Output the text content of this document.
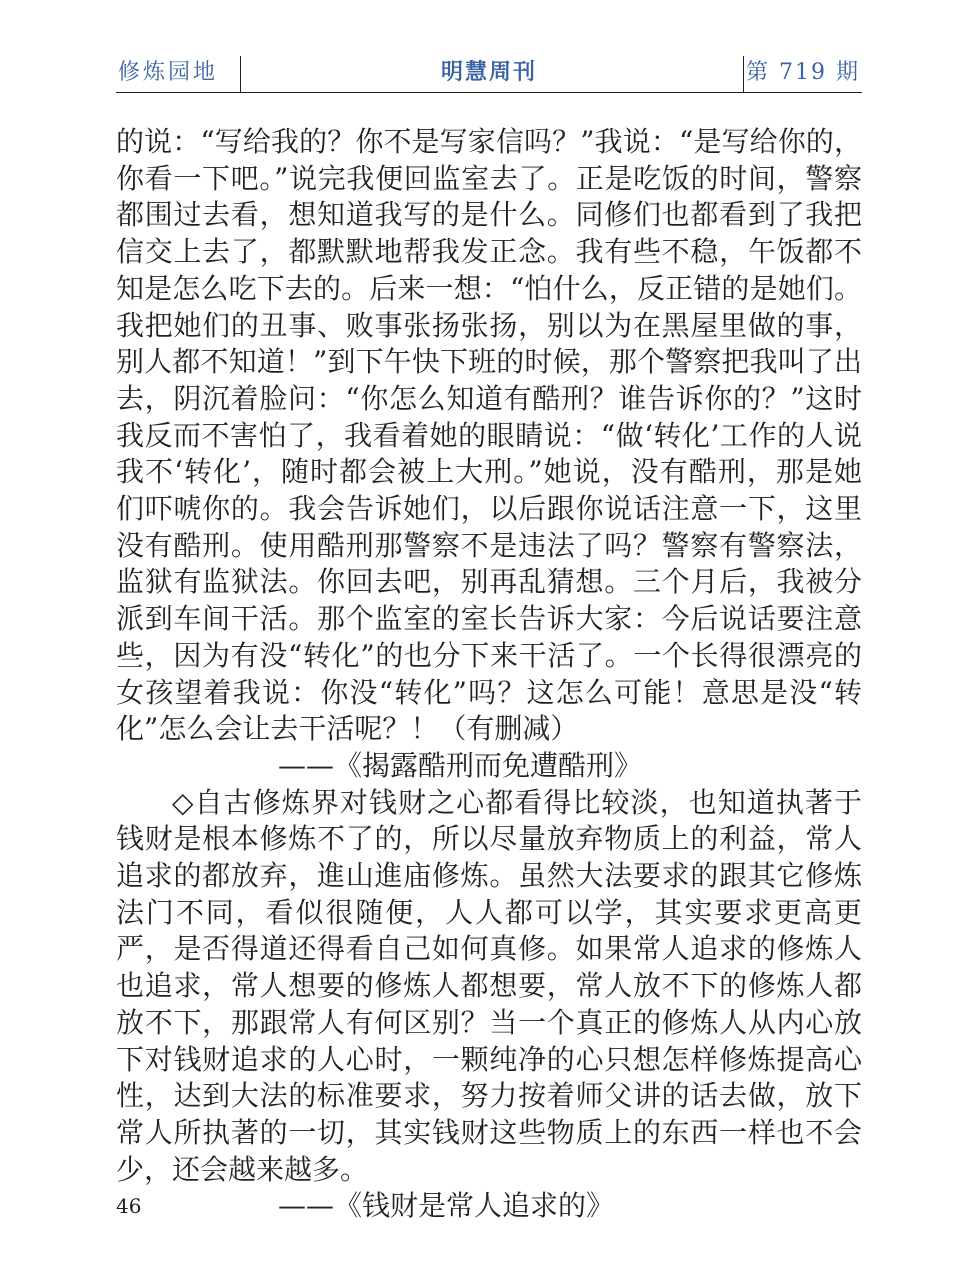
修炼园地	明慧周刊	第 719 期

的说：“写给我的？你不是写家信吗？”我说：“是写给你的，你看一下吧。”说完我便回监室去了。正是吃饭的时间，警察都围过去看，想知道我写的是什么。同修们也都看到了我把信交上去了，都默默地帮我发正念。我有些不稳，午饭都不知是怎么吃下去的。后来一想：“怕什么，反正错的是她们。我把她们的丑事、败事张扬张扬，别以为在黑屋里做的事，别人都不知道！”到下午快下班的时候，那个警察把我叫了出去，阴沉着脸问：“你怎么知道有酷刑？谁告诉你的？”这时我反而不害怕了，我看着她的眼睛说：“做‘转化’工作的人说我不‘转化’，随时都会被上大刑。”她说，没有酷刑，那是她们吓唬你的。我会告诉她们，以后跟你说话注意一下，这里没有酷刑。使用酷刑那警察不是违法了吗？警察有警察法，监狱有监狱法。你回去吧，别再乱猜想。三个月后，我被分派到车间干活。那个监室的室长告诉大家：今后说话要注意些，因为有没“转化”的也分下来干活了。一个长得很漂亮的女孩望着我说：你没“转化”吗？这怎么可能！意思是没“转化”怎么会让去干活呢？！（有删减）

——《揭露酷刑而免遭酷刑》

◇自古修炼界对钱财之心都看得比较淡，也知道执著于钱财是根本修炼不了的，所以尽量放弃物质上的利益，常人追求的都放弃，進山進庙修炼。虽然大法要求的跟其它修炼法门不同，看似很随便，人人都可以学，其实要求更高更严，是否得道还得看自己如何真修。如果常人追求的修炼人也追求，常人想要的修炼人都想要，常人放不下的修炼人都放不下，那跟常人有何区别？当一个真正的修炼人从内心放下对钱财追求的人心时，一颗纯净的心只想怎样修炼提高心性，达到大法的标准要求，努力按着师父讲的话去做，放下常人所执著的一切，其实钱财这些物质上的东西一样也不会少，还会越来越多。

——《钱财是常人追求的》

46
